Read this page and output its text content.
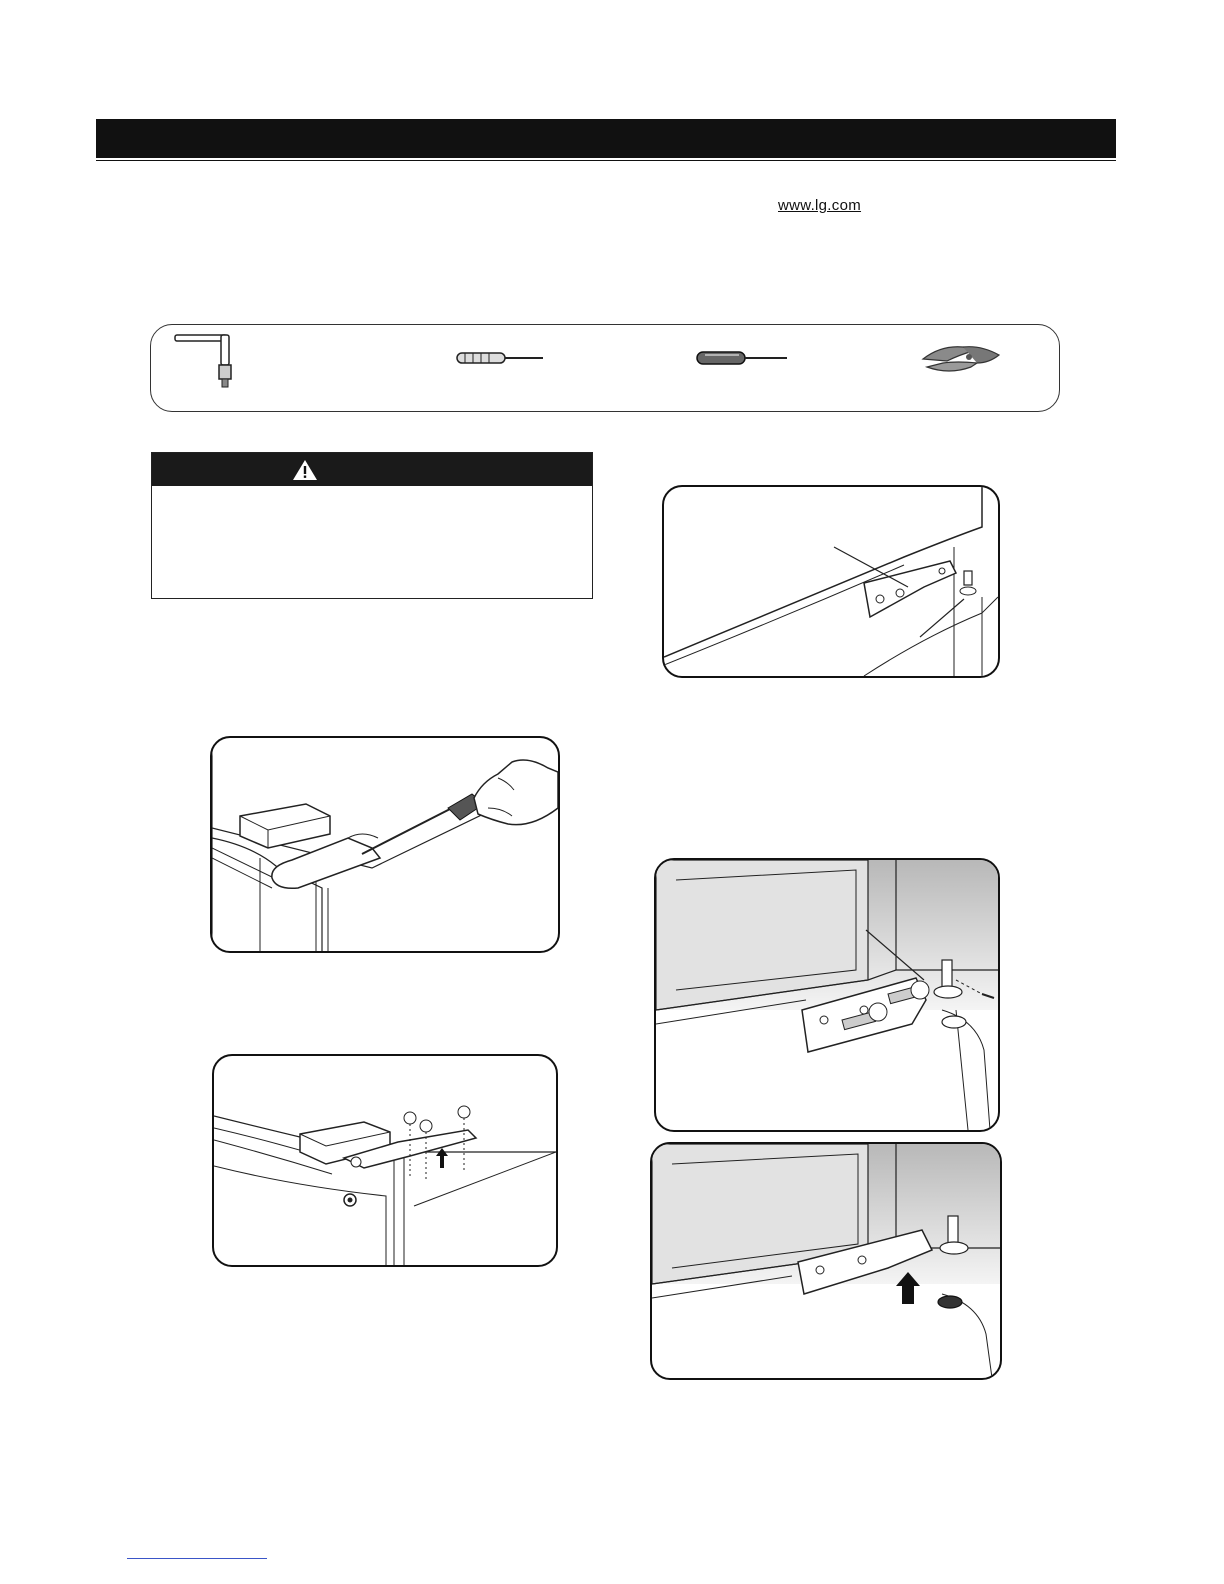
www.lg.com
